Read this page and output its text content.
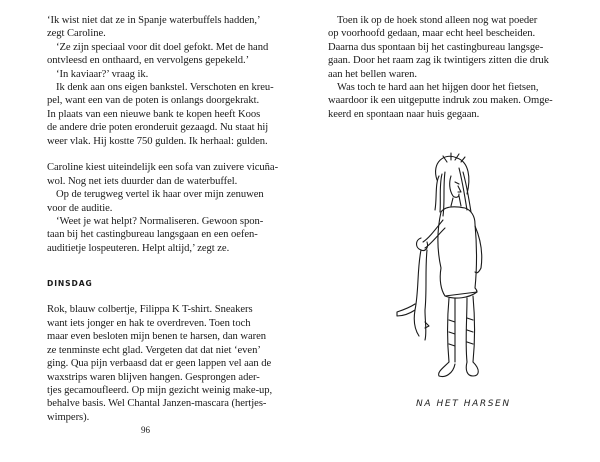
‘Ik wist niet dat ze in Spanje waterbuffels hadden,’

zegt Caroline.

‘Ze zijn speciaal voor dit doel gefokt. Met de hand

ontvleesd en onthaard, en vervolgens gepekeld.’

‘In kaviaar?’ vraag ik.

Ik denk aan ons eigen bankstel. Verschoten en kreu-

pel, want een van de poten is onlangs doorgekrakt.

In plaats van een nieuwe bank te kopen heeft Koos

de andere drie poten eronderuit gezaagd. Nu staat hij

weer vlak. Hij kostte 750 gulden. Ik herhaal: gulden.

Caroline kiest uiteindelijk een sofa van zuivere vicuña-

wol. Nog net iets duurder dan de waterbuffel.

Op de terugweg vertel ik haar over mijn zenuwen

voor de auditie.

‘Weet je wat helpt? Normaliseren. Gewoon spon-

taan bij het castingbureau langsgaan en een oefen-

auditietje lospeuteren. Helpt altijd,’ zegt ze.

DINSDAG

Rok, blauw colbertje, Filippa K T-shirt. Sneakers

want iets jonger en hak te overdreven. Toen toch

maar even besloten mijn benen te harsen, dan waren

ze tenminste echt glad. Vergeten dat dat niet ‘even’

ging. Qua pijn verbaasd dat er geen lappen vel aan de

waxstrips waren blijven hangen. Gesprongen ader-

tjes gecamoufleerd. Op mijn gezicht weinig make-up,

behalve basis. Wel Chantal Janzen-mascara (hertjes-

wimpers).

96

Toen ik op de hoek stond alleen nog wat poeder

op voorhoofd gedaan, maar echt heel bescheiden.

Daarna dus spontaan bij het castingbureau langsge-

gaan. Door het raam zag ik twintigers zitten die druk

aan het bellen waren.

Was toch te hard aan het hijgen door het fietsen,

waardoor ik een uitgeputte indruk zou maken. Omge-

keerd en spontaan naar huis gegaan.

NA HET HARSEN
